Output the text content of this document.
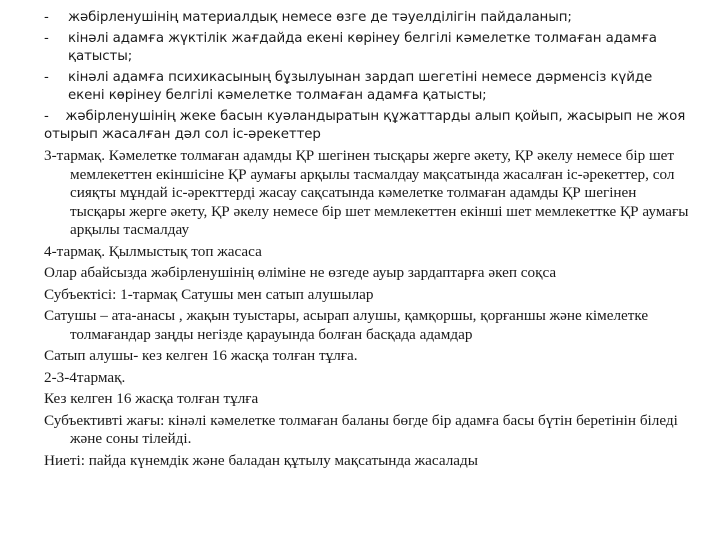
- жәбірленушінің материалдық немесе өзге де тәуелділігін пайдаланып;
- кінәлі адамға жүктілік жағдайда екені көрінеу белгілі кәмелетке толмаған адамға қатысты;
- кінәлі адамға психикасының бұзылуынан зардап шегетіні немесе дәрменсіз күйде екені көрінеу белгілі кәмелетке толмаған адамға қатысты;
- жәбірленушінің жеке басын куәландыратын құжаттарды алып қойып, жасырып не жоя отырып жасалған дәл сол іс-әрекеттер
3-тармақ. Кәмелетке толмаған адамды ҚР шегінен тысқары жерге әкету, ҚР әкелу немесе бір шет мемлекеттен екіншісіне ҚР аумағы арқылы тасмалдау мақсатында жасалған іс-әрекеттер, сол сияқты мұндай іс-әректтерді жасау сақсатында кәмелетке толмаған адамды ҚР шегінен тысқары жерге әкету, ҚР әкелу немесе бір шет мемлекеттен екінші шет мемлекеттке ҚР аумағы арқылы тасмалдау
4-тармақ. Қылмыстық топ жасаса
Олар абайсызда жәбірленушінің өліміне не өзгеде ауыр зардаптарға әкеп соқса
Субъектісі: 1-тармақ Сатушы мен сатып алушылар
Сатушы – ата-анасы , жақын туыстары, асырап алушы, қамқоршы, қорғаншы және кімелетке толмағандар заңды негізде қарауында болған басқада адамдар
Сатып алушы- кез келген 16 жасқа толған тұлға.
2-3-4тармақ.
Кез келген 16 жасқа толған тұлға
Субъективті жағы: кінәлі кәмелетке толмаған баланы бөгде бір адамға басы бүтін беретінін біледі және соны тілейді.
Ниеті: пайда күнемдік және баладан құтылу мақсатында жасалады
